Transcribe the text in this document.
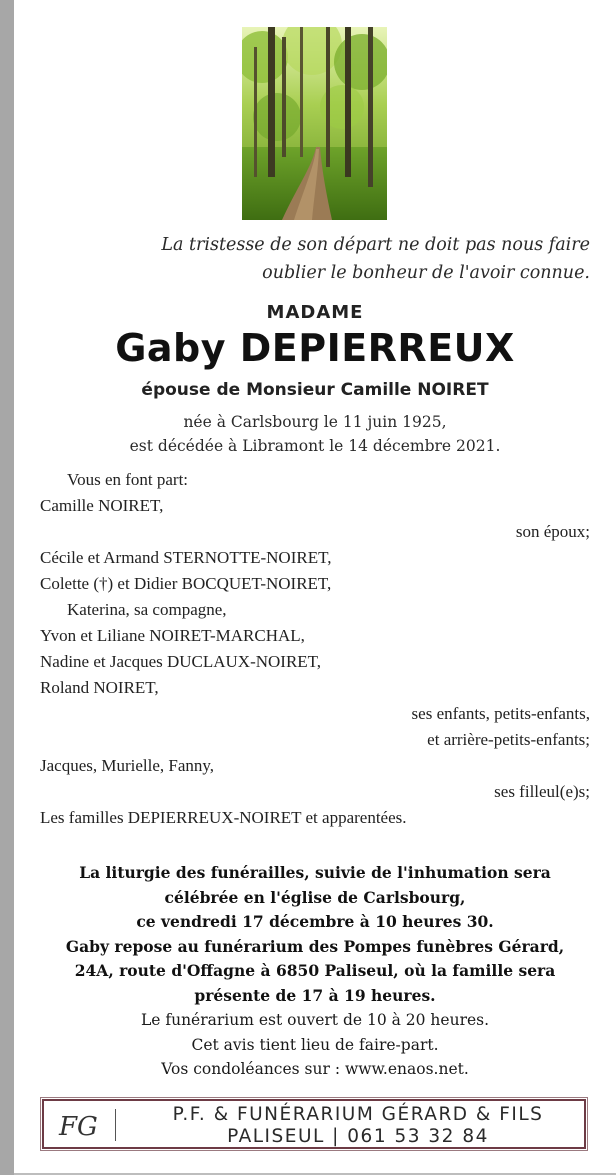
La tristesse de son départ ne doit pas nous faire
oublier le bonheur de l'avoir connue.
MADAME
Gaby DEPIERREUX
épouse de Monsieur Camille NOIRET
née à Carlsbourg le 11 juin 1925,
est décédée à Libramont le 14 décembre 2021.
Vous en font part:
Camille NOIRET,
son époux;
Cécile et Armand STERNOTTE-NOIRET,
Colette (†) et Didier BOCQUET-NOIRET,
Katerina, sa compagne,
Yvon et Liliane NOIRET-MARCHAL,
Nadine et Jacques DUCLAUX-NOIRET,
Roland NOIRET,
ses enfants, petits-enfants,
et arrière-petits-enfants;
Jacques, Murielle, Fanny,
ses filleul(e)s;
Les familles DEPIERREUX-NOIRET et apparentées.
La liturgie des funérailles, suivie de l'inhumation sera
célébrée en l'église de Carlsbourg,
ce vendredi 17 décembre à 10 heures 30.
Gaby repose au funérarium des Pompes funèbres Gérard,
24A, route d'Offagne à 6850 Paliseul, où la famille sera
présente de 17 à 19 heures.
Le funérarium est ouvert de 10 à 20 heures.
Cet avis tient lieu de faire-part.
Vos condoléances sur : www.enaos.net.
FG	P.F. & FUNÉRARIUM GÉRARD & FILS
PALISEUL | 061 53 32 84
